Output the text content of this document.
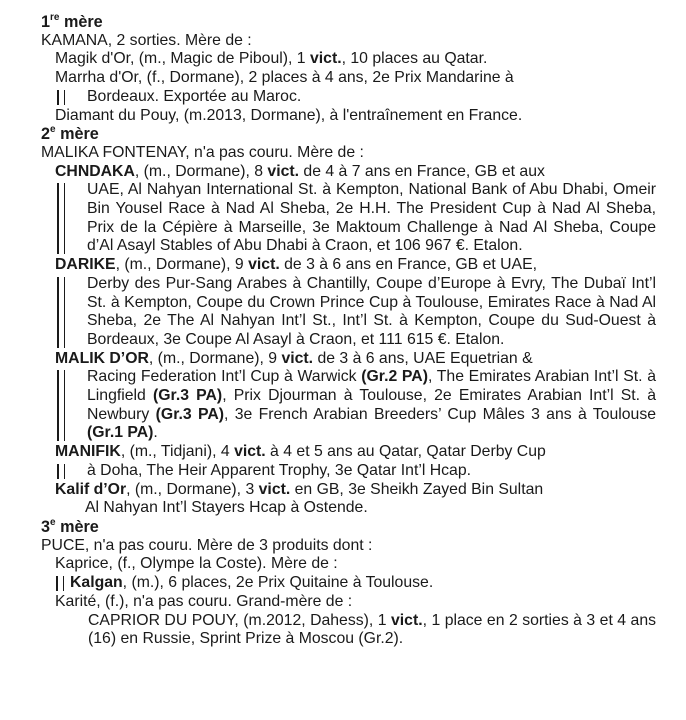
1re mère
KAMANA, 2 sorties. Mère de :
Magik d'Or, (m., Magic de Piboul), 1 vict., 10 places au Qatar.
Marrha d'Or, (f., Dormane), 2 places à 4 ans, 2e Prix Mandarine à
Bordeaux. Exportée au Maroc.
Diamant du Pouy, (m.2013, Dormane), à l'entraînement en France.
2e mère
MALIKA FONTENAY, n'a pas couru. Mère de :
CHNDAKA, (m., Dormane), 8 vict. de 4 à 7 ans en France, GB et aux
UAE, Al Nahyan International St. à Kempton, National Bank of Abu Dhabi, Omeir Bin Yousel Race à Nad Al Sheba, 2e H.H. The President Cup à Nad Al Sheba, Prix de la Cépière à Marseille, 3e Maktoum Challenge à Nad Al Sheba, Coupe d’Al Asayl Stables of Abu Dhabi à Craon, et 106 967 €. Etalon.
DARIKE, (m., Dormane), 9 vict. de 3 à 6 ans en France, GB et UAE,
Derby des Pur-Sang Arabes à Chantilly, Coupe d’Europe à Evry, The Dubaï Int’l St. à Kempton, Coupe du Crown Prince Cup à Toulouse, Emirates Race à Nad Al Sheba, 2e The Al Nahyan Int’l St., Int’l St. à Kempton, Coupe du Sud-Ouest à Bordeaux, 3e Coupe Al Asayl à Craon, et 111 615 €. Etalon.
MALIK D’OR, (m., Dormane), 9 vict. de 3 à 6 ans, UAE Equetrian &
Racing Federation Int’l Cup à Warwick (Gr.2 PA), The Emirates Arabian Int’l St. à Lingfield (Gr.3 PA), Prix Djourman à Toulouse, 2e Emirates Arabian Int’l St. à Newbury (Gr.3 PA), 3e French Arabian Breeders’ Cup Mâles 3 ans à Toulouse (Gr.1 PA).
MANIFIK, (m., Tidjani), 4 vict. à 4 et 5 ans au Qatar, Qatar Derby Cup
à Doha, The Heir Apparent Trophy, 3e Qatar Int’l Hcap.
Kalif d’Or, (m., Dormane), 3 vict. en GB, 3e Sheikh Zayed Bin Sultan
Al Nahyan Int’l Stayers Hcap à Ostende.
3e mère
PUCE, n'a pas couru. Mère de 3 produits dont :
Kaprice, (f., Olympe la Coste). Mère de :
Kalgan, (m.), 6 places, 2e Prix Quitaine à Toulouse.
Karité, (f.), n'a pas couru. Grand-mère de :
CAPRIOR DU POUY, (m.2012, Dahess), 1 vict., 1 place en 2 sorties à 3 et 4 ans (16) en Russie, Sprint Prize à Moscou (Gr.2).
